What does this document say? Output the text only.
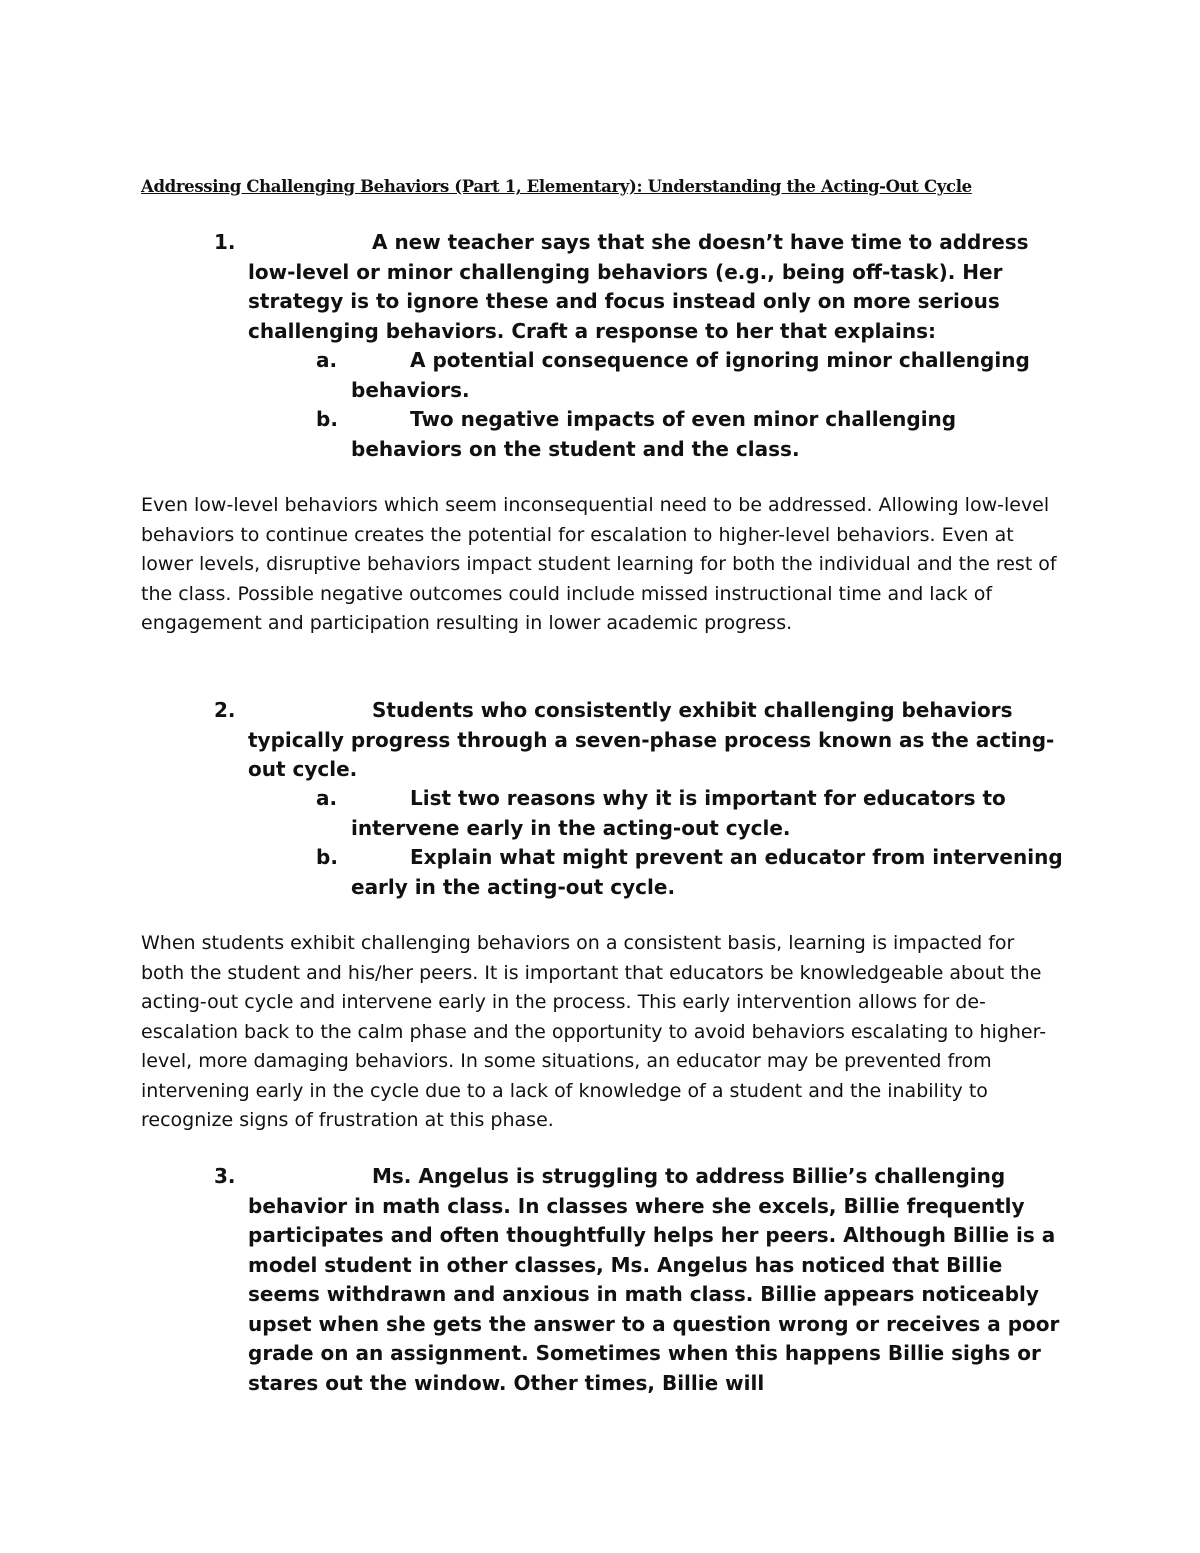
Addressing Challenging Behaviors (Part 1, Elementary): Understanding the Acting-Out Cycle
1.	A new teacher says that she doesn’t have time to address low-level or minor challenging behaviors (e.g., being off-task). Her strategy is to ignore these and focus instead only on more serious challenging behaviors. Craft a response to her that explains:

a.	A potential consequence of ignoring minor challenging behaviors.

b.	Two negative impacts of even minor challenging behaviors on the student and the class.

Even low-level behaviors which seem inconsequential need to be addressed. Allowing low-level behaviors to continue creates the potential for escalation to higher-level behaviors. Even at lower levels, disruptive behaviors impact student learning for both the individual and the rest of the class. Possible negative outcomes could include missed instructional time and lack of engagement and participation resulting in lower academic progress.

2.	Students who consistently exhibit challenging behaviors typically progress through a seven-phase process known as the acting-out cycle.

a.	List two reasons why it is important for educators to intervene early in the acting-out cycle.

b.	Explain what might prevent an educator from intervening early in the acting-out cycle.

When students exhibit challenging behaviors on a consistent basis, learning is impacted for both the student and his/her peers. It is important that educators be knowledgeable about the acting-out cycle and intervene early in the process. This early intervention allows for de-escalation back to the calm phase and the opportunity to avoid behaviors escalating to higher-level, more damaging behaviors. In some situations, an educator may be prevented from intervening early in the cycle due to a lack of knowledge of a student and the inability to recognize signs of frustration at this phase.

3.	Ms. Angelus is struggling to address Billie’s challenging behavior in math class. In classes where she excels, Billie frequently participates and often thoughtfully helps her peers. Although Billie is a model student in other classes, Ms. Angelus has noticed that Billie seems withdrawn and anxious in math class. Billie appears noticeably upset when she gets the answer to a question wrong or receives a poor grade on an assignment. Sometimes when this happens Billie sighs or stares out the window. Other times, Billie will
